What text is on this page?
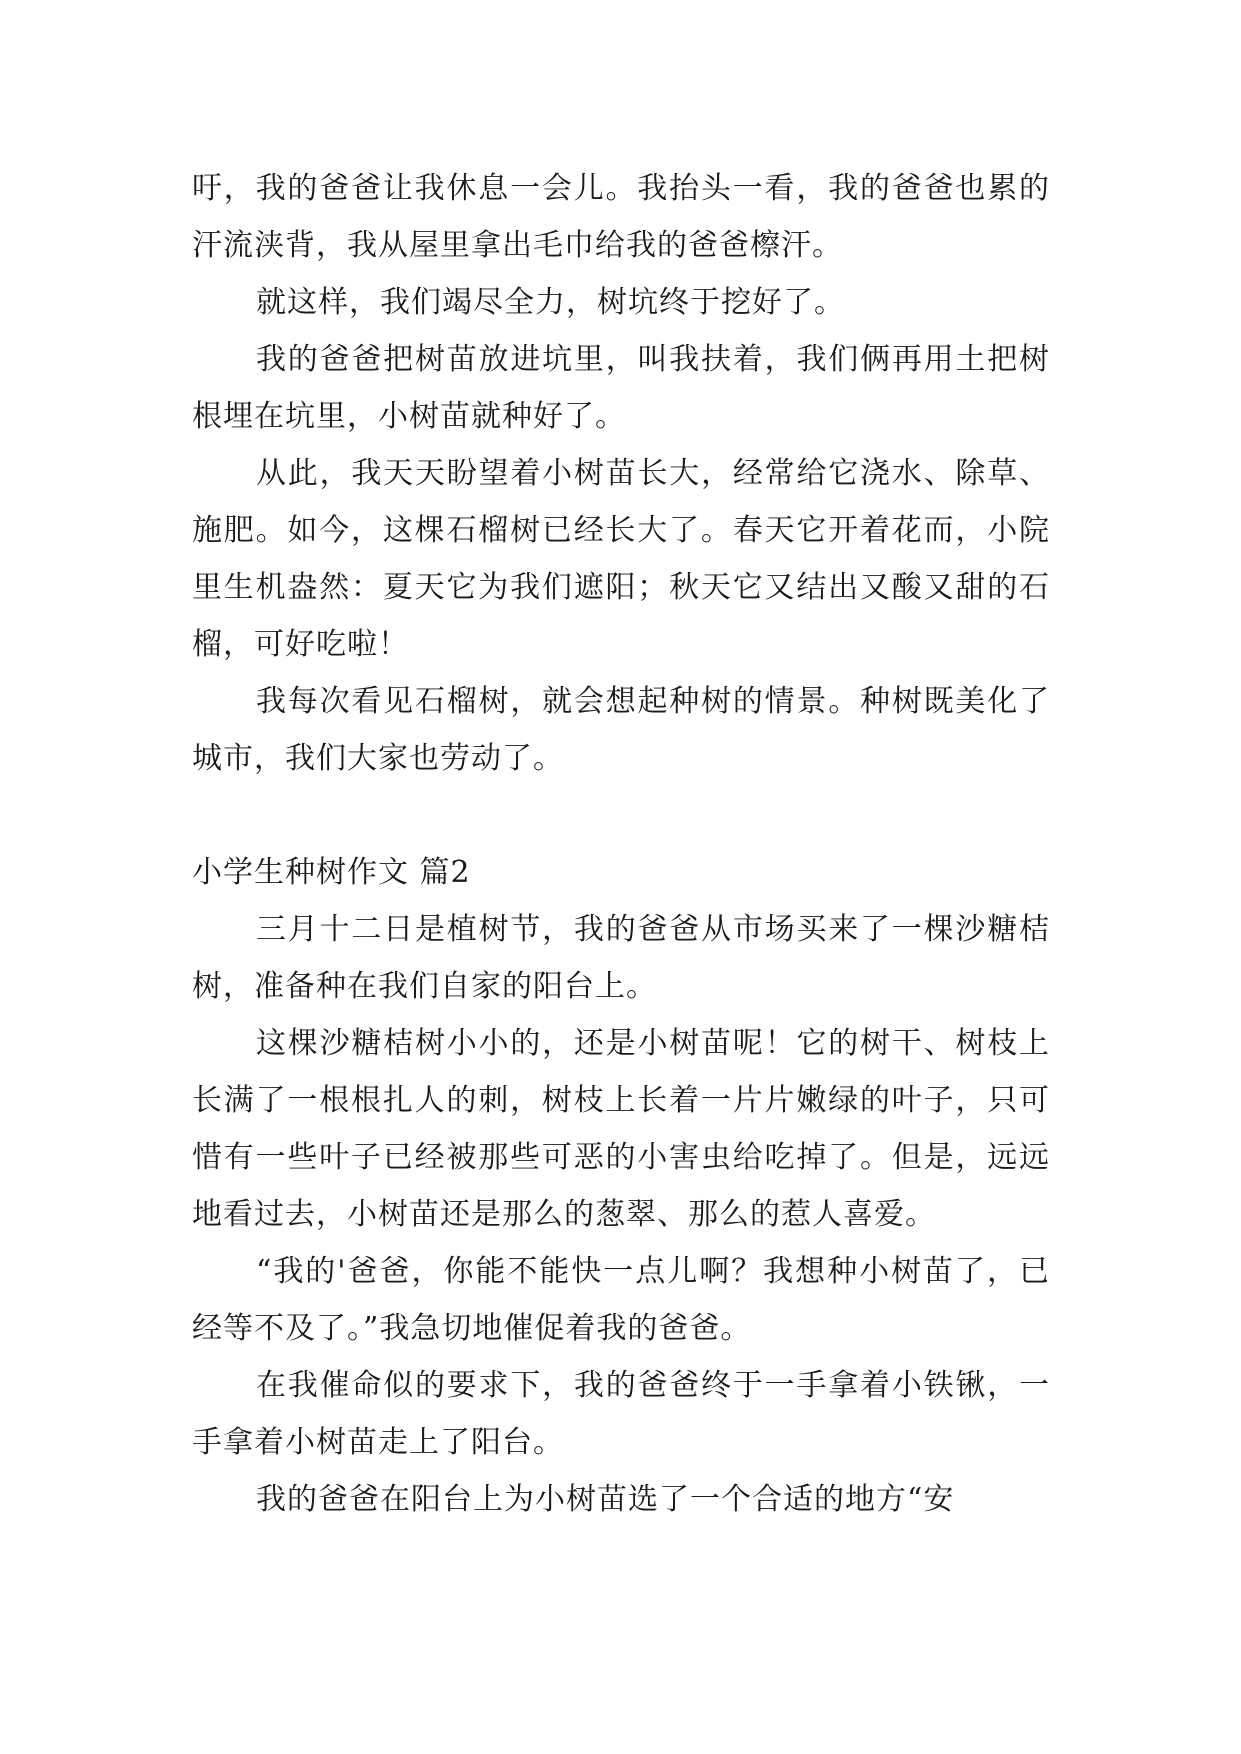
吁，我的爸爸让我休息一会儿。我抬头一看，我的爸爸也累的汗流浃背，我从屋里拿出毛巾给我的爸爸檫汗。

就这样，我们竭尽全力，树坑终于挖好了。

我的爸爸把树苗放进坑里，叫我扶着，我们俩再用土把树根埋在坑里，小树苗就种好了。

从此，我天天盼望着小树苗长大，经常给它浇水、除草、施肥。如今，这棵石榴树已经长大了。春天它开着花而，小院里生机盎然：夏天它为我们遮阳；秋天它又结出又酸又甜的石榴，可好吃啦！

我每次看见石榴树，就会想起种树的情景。种树既美化了城市，我们大家也劳动了。

小学生种树作文 篇2

三月十二日是植树节，我的爸爸从市场买来了一棵沙糖桔树，准备种在我们自家的阳台上。

这棵沙糖桔树小小的，还是小树苗呢！它的树干、树枝上长满了一根根扎人的刺，树枝上长着一片片嫩绿的叶子，只可惜有一些叶子已经被那些可恶的小害虫给吃掉了。但是，远远地看过去，小树苗还是那么的葱翠、那么的惹人喜爱。

“我的'爸爸，你能不能快一点儿啊？我想种小树苗了，已经等不及了。”我急切地催促着我的爸爸。

在我催命似的要求下，我的爸爸终于一手拿着小铁锹，一手拿着小树苗走上了阳台。

我的爸爸在阳台上为小树苗选了一个合适的地方“安
